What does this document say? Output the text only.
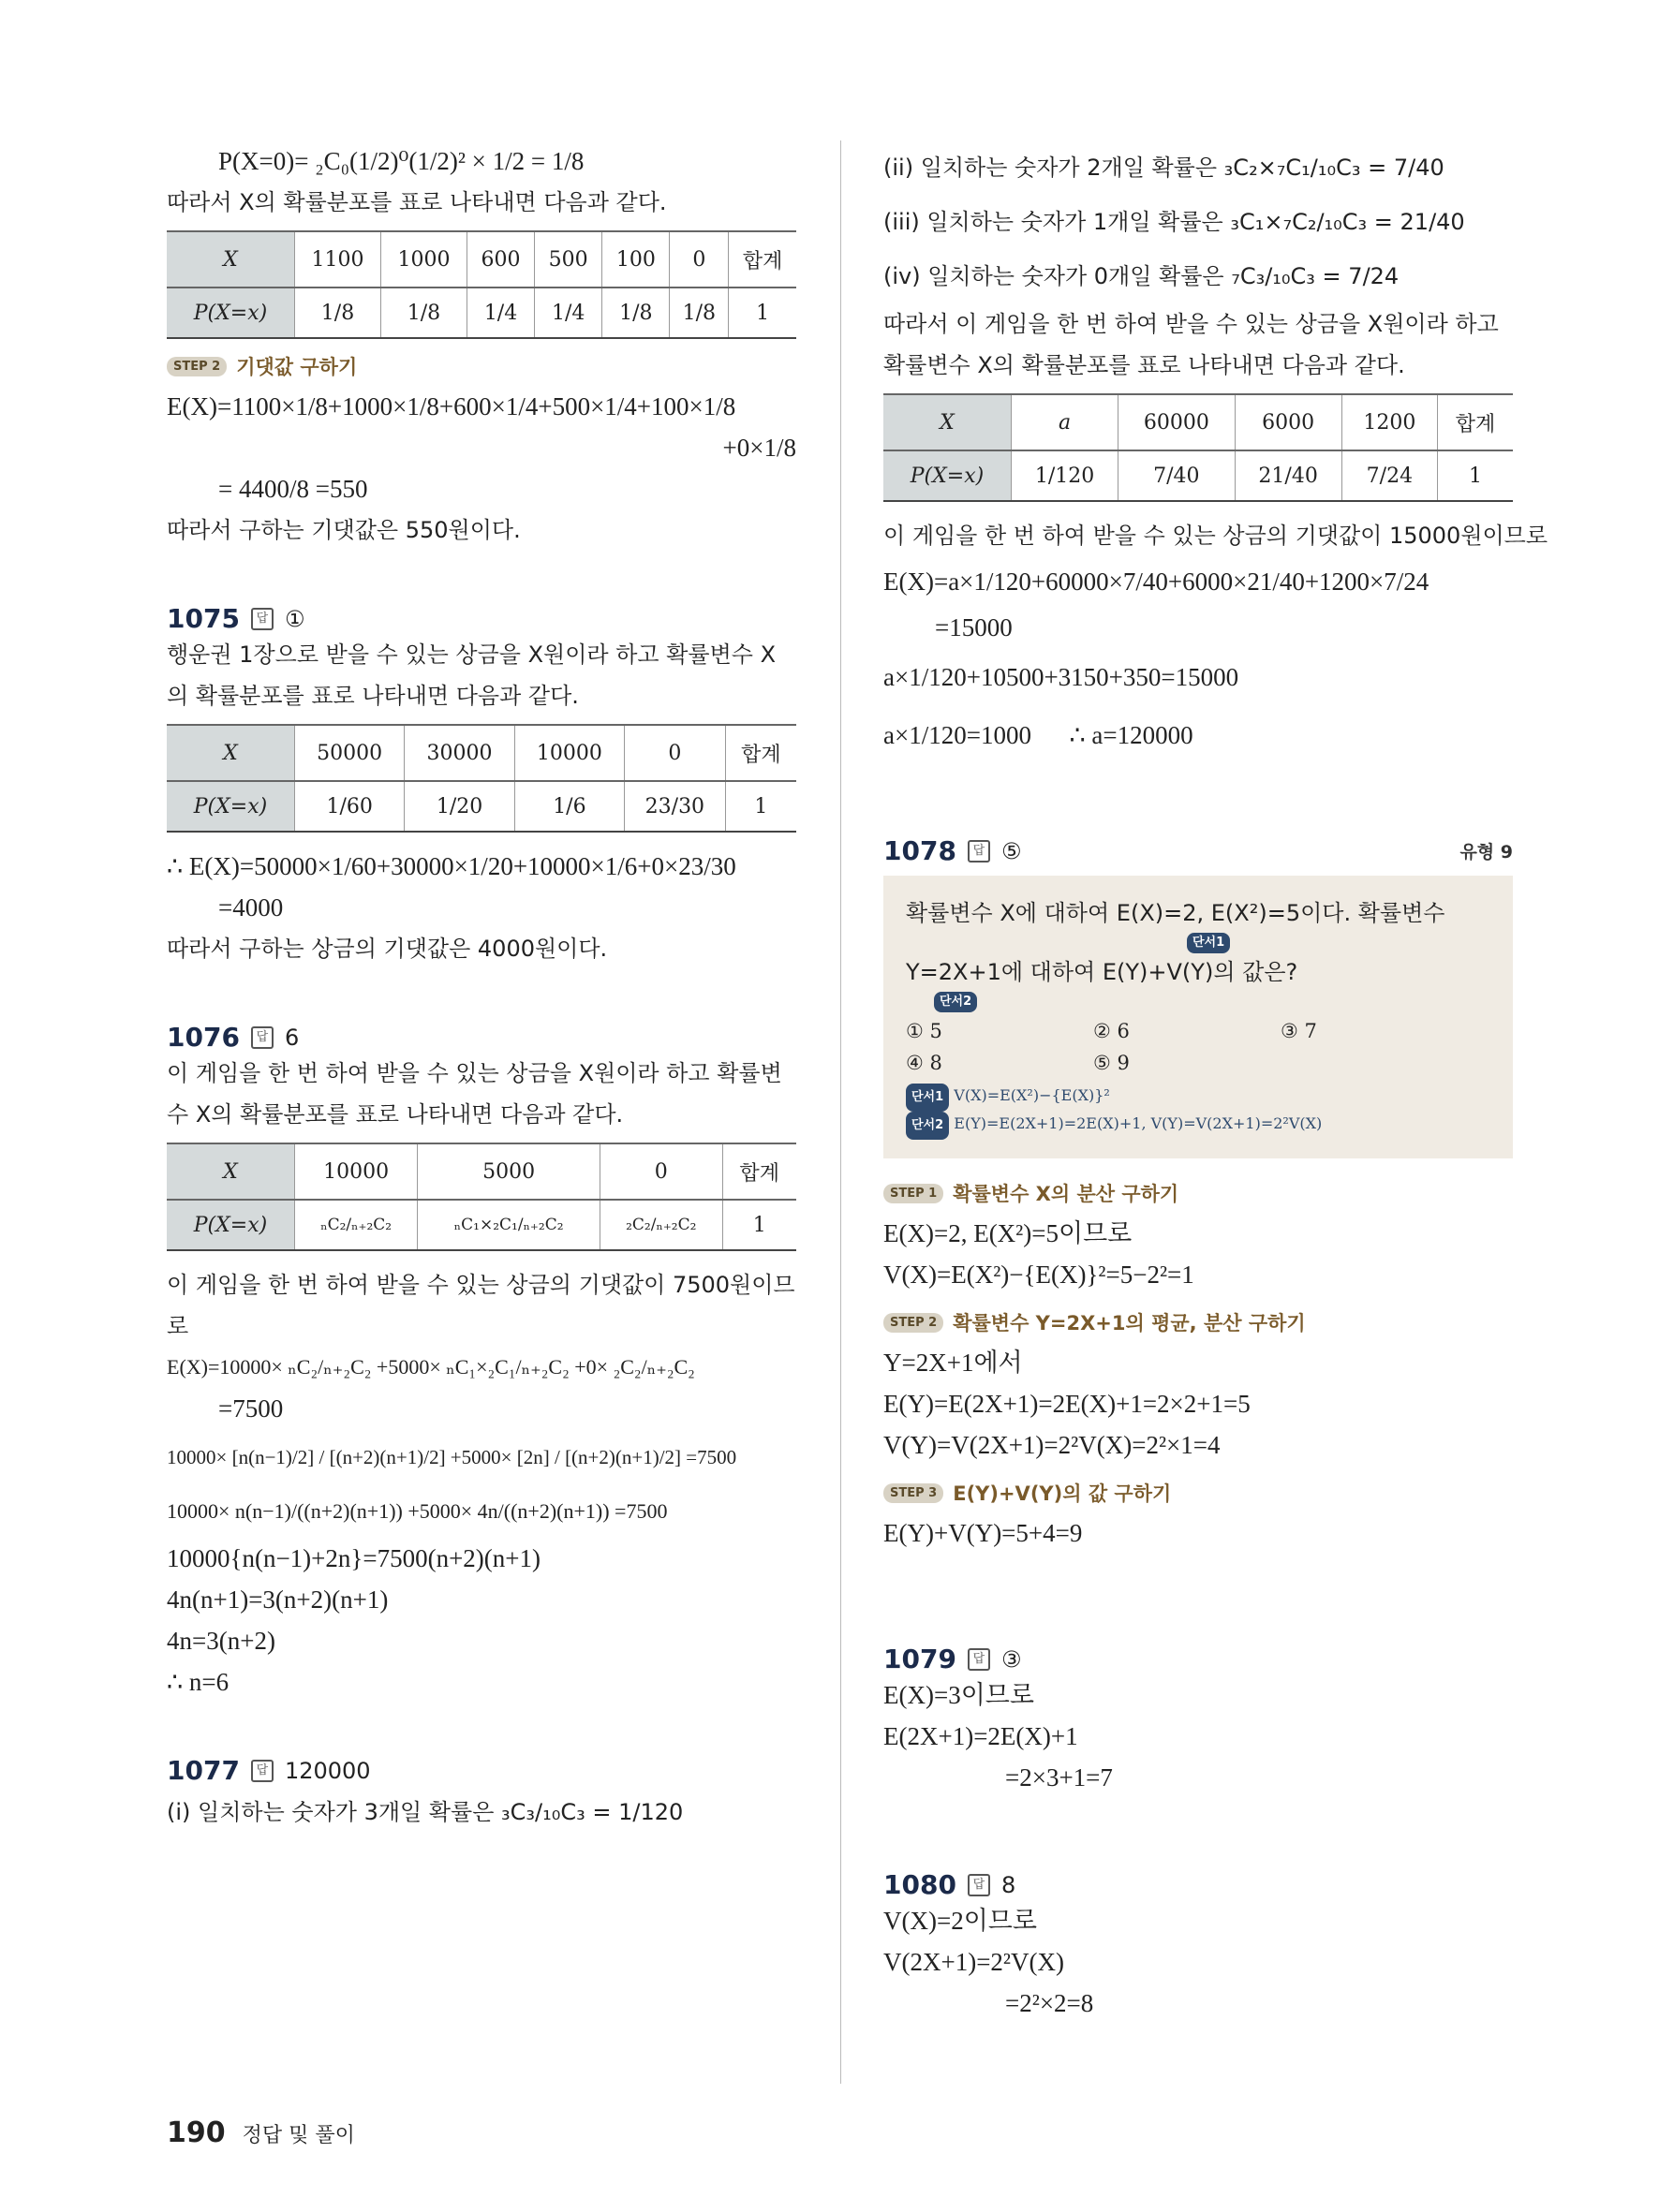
P(X=0)= ₂C₀(1/2)⁰(1/2)² × 1/2 = 1/8
따라서 X의 확률분포를 표로 나타내면 다음과 같다.
X	1100	1000	600	500	100	0	합계
P(X=x)	1/8	1/8	1/4	1/4	1/8	1/8	1
STEP 2 기댓값 구하기
E(X)=1100×1/8+1000×1/8+600×1/4+500×1/4+100×1/8
+0×1/8
= 4400/8 =550
따라서 구하는 기댓값은 550원이다.
1075	답 ①
행운권 1장으로 받을 수 있는 상금을 X원이라 하고 확률변수 X
의 확률분포를 표로 나타내면 다음과 같다.
X	50000	30000	10000	0	합계
P(X=x)	1/60	1/20	1/6	23/30	1
∴ E(X)=50000×1/60+30000×1/20+10000×1/6+0×23/30
=4000
따라서 구하는 상금의 기댓값은 4000원이다.
1076	답 6
이 게임을 한 번 하여 받을 수 있는 상금을 X원이라 하고 확률변
수 X의 확률분포를 표로 나타내면 다음과 같다.
X	10000	5000	0	합계
P(X=x)	ₙC₂/ₙ₊₂C₂	ₙC₁×₂C₁/ₙ₊₂C₂	₂C₂/ₙ₊₂C₂	1
이 게임을 한 번 하여 받을 수 있는 상금의 기댓값이 7500원이므
로
E(X)=10000× ₙC₂/ₙ₊₂C₂ +5000× ₙC₁×₂C₁/ₙ₊₂C₂ +0× ₂C₂/ₙ₊₂C₂
=7500
10000× [n(n−1)/2] / [(n+2)(n+1)/2] +5000× [2n] / [(n+2)(n+1)/2] =7500
10000× n(n−1)/((n+2)(n+1)) +5000× 4n/((n+2)(n+1)) =7500
10000{n(n−1)+2n}=7500(n+2)(n+1)
4n(n+1)=3(n+2)(n+1)
4n=3(n+2)
∴ n=6
1077	답 120000
(i) 일치하는 숫자가 3개일 확률은 ₃C₃/₁₀C₃ = 1/120
(ii) 일치하는 숫자가 2개일 확률은 ₃C₂×₇C₁/₁₀C₃ = 7/40
(iii) 일치하는 숫자가 1개일 확률은 ₃C₁×₇C₂/₁₀C₃ = 21/40
(iv) 일치하는 숫자가 0개일 확률은 ₇C₃/₁₀C₃ = 7/24
따라서 이 게임을 한 번 하여 받을 수 있는 상금을 X원이라 하고
확률변수 X의 확률분포를 표로 나타내면 다음과 같다.
X	a	60000	6000	1200	합계
P(X=x)	1/120	7/40	21/40	7/24	1
이 게임을 한 번 하여 받을 수 있는 상금의 기댓값이 15000원이므로
E(X)=a×1/120+60000×7/40+6000×21/40+1200×7/24
=15000
a×1/120+10500+3150+350=15000
a×1/120=1000      ∴ a=120000
1078	답 ⑤	유형 9
확률변수 X에 대하여 E(X)=2, E(X²)=5이다. 확률변수
단서1
Y=2X+1에 대하여 E(Y)+V(Y)의 값은?
단서2
① 5	② 6	③ 7
④ 8	⑤ 9
단서1 V(X)=E(X²)−{E(X)}²
단서2 E(Y)=E(2X+1)=2E(X)+1, V(Y)=V(2X+1)=2²V(X)
STEP 1 확률변수 X의 분산 구하기
E(X)=2, E(X²)=5이므로
V(X)=E(X²)−{E(X)}²=5−2²=1
STEP 2 확률변수 Y=2X+1의 평균, 분산 구하기
Y=2X+1에서
E(Y)=E(2X+1)=2E(X)+1=2×2+1=5
V(Y)=V(2X+1)=2²V(X)=2²×1=4
STEP 3 E(Y)+V(Y)의 값 구하기
E(Y)+V(Y)=5+4=9
1079	답 ③
E(X)=3이므로
E(2X+1)=2E(X)+1
=2×3+1=7
1080	답 8
V(X)=2이므로
V(2X+1)=2²V(X)
=2²×2=8
190 정답 및 풀이
